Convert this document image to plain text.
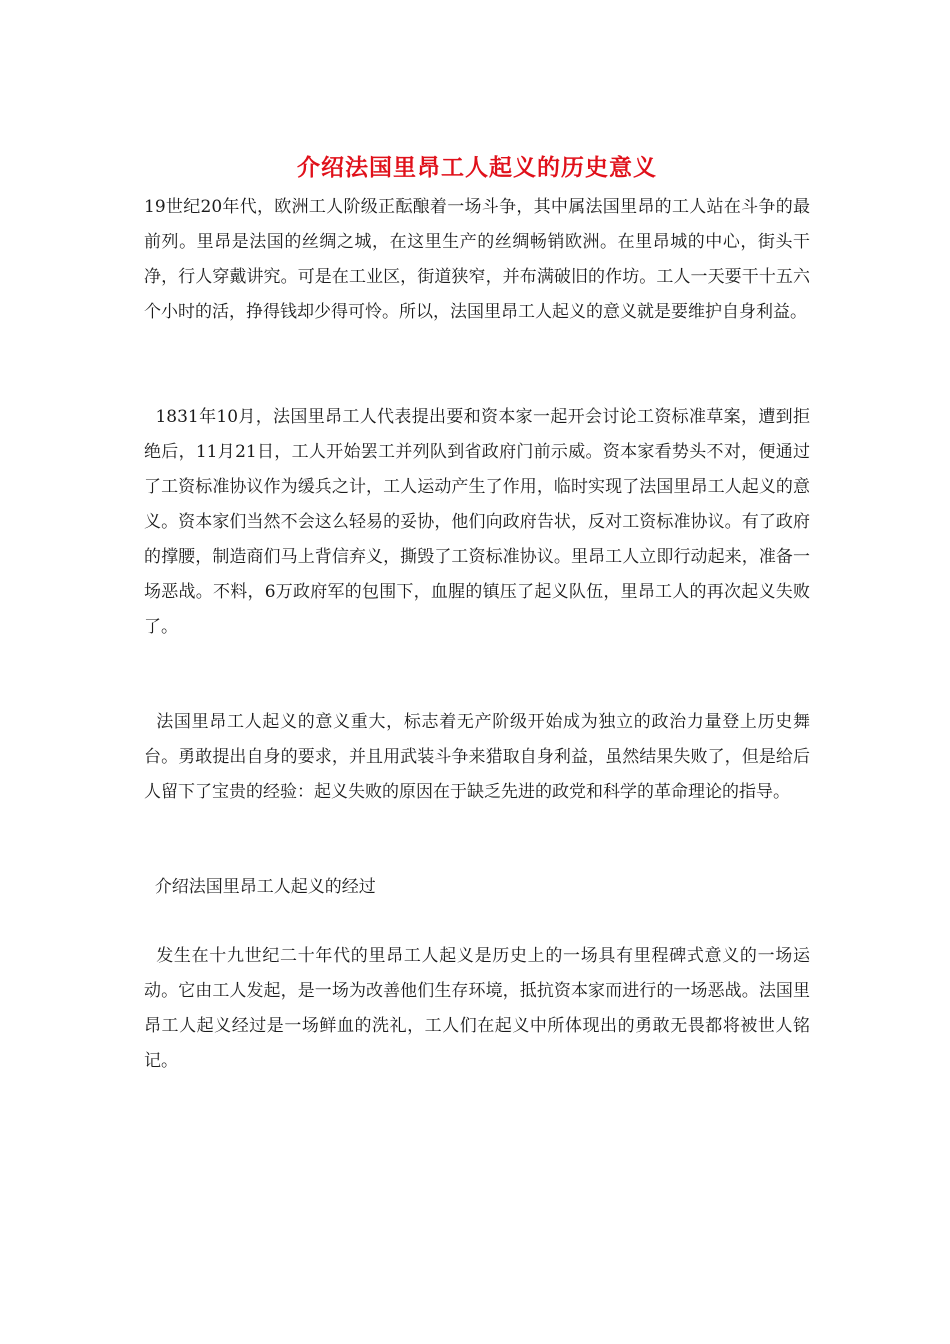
介绍法国里昂工人起义的历史意义

19世纪20年代，欧洲工人阶级正酝酿着一场斗争，其中属法国里昂的工人站在斗争的最前列。里昂是法国的丝绸之城，在这里生产的丝绸畅销欧洲。在里昂城的中心，街头干净，行人穿戴讲究。可是在工业区，街道狭窄，并布满破旧的作坊。工人一天要干十五六个小时的活，挣得钱却少得可怜。所以，法国里昂工人起义的意义就是要维护自身利益。

1831年10月，法国里昂工人代表提出要和资本家一起开会讨论工资标准草案，遭到拒绝后，11月21日，工人开始罢工并列队到省政府门前示威。资本家看势头不对，便通过了工资标准协议作为缓兵之计，工人运动产生了作用，临时实现了法国里昂工人起义的意义。资本家们当然不会这么轻易的妥协，他们向政府告状，反对工资标准协议。有了政府的撑腰，制造商们马上背信弃义，撕毁了工资标准协议。里昂工人立即行动起来，准备一场恶战。不料，6万政府军的包围下，血腥的镇压了起义队伍，里昂工人的再次起义失败了。

法国里昂工人起义的意义重大，标志着无产阶级开始成为独立的政治力量登上历史舞台。勇敢提出自身的要求，并且用武装斗争来猎取自身利益，虽然结果失败了，但是给后人留下了宝贵的经验：起义失败的原因在于缺乏先进的政党和科学的革命理论的指导。

介绍法国里昂工人起义的经过

发生在十九世纪二十年代的里昂工人起义是历史上的一场具有里程碑式意义的一场运动。它由工人发起，是一场为改善他们生存环境，抵抗资本家而进行的一场恶战。法国里昂工人起义经过是一场鲜血的洗礼，工人们在起义中所体现出的勇敢无畏都将被世人铭记。
